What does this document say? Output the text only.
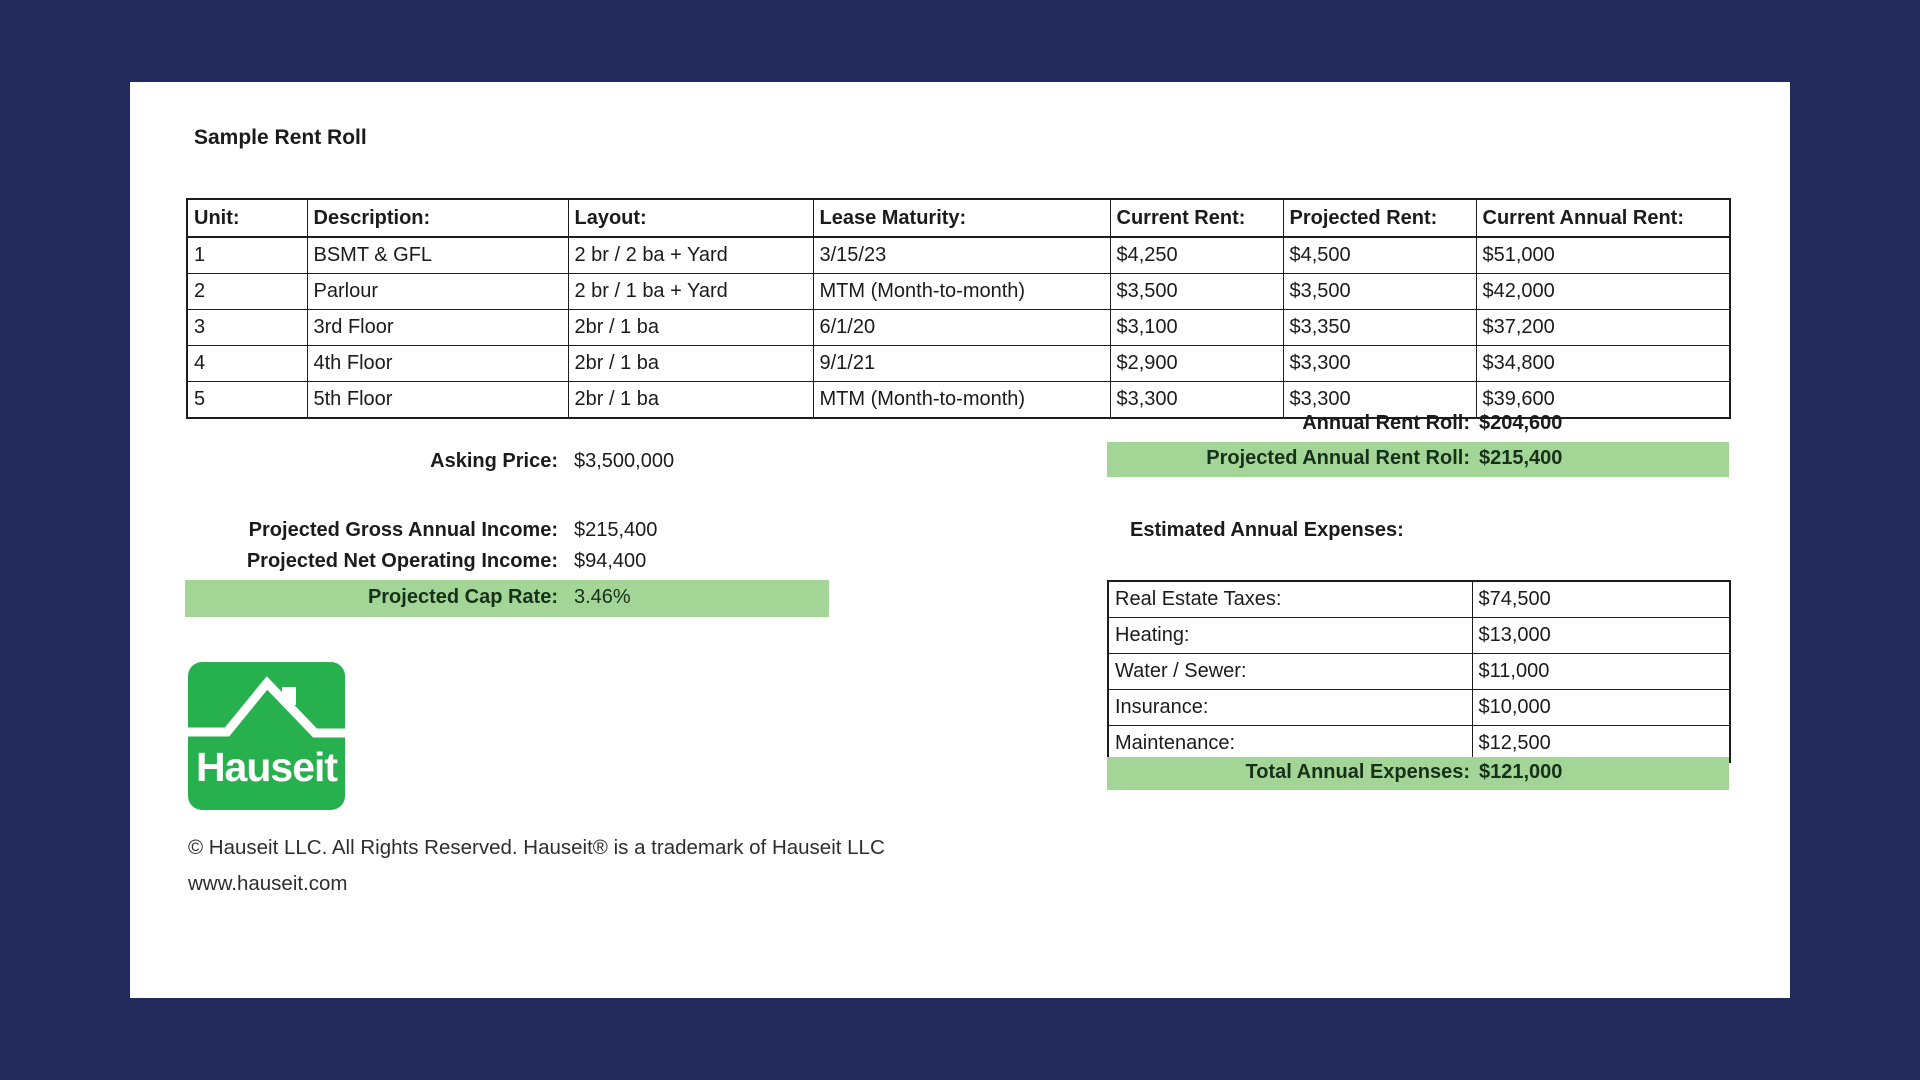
Sample Rent Roll
Unit:	Description:	Layout:	Lease Maturity:	Current Rent:	Projected Rent:	Current Annual Rent:
1	BSMT & GFL	2 br / 2 ba + Yard	3/15/23	$4,250	$4,500	$51,000
2	Parlour	2 br / 1 ba + Yard	MTM (Month-to-month)	$3,500	$3,500	$42,000
3	3rd Floor	2br / 1 ba	6/1/20	$3,100	$3,350	$37,200
4	4th Floor	2br / 1 ba	9/1/21	$2,900	$3,300	$34,800
5	5th Floor	2br / 1 ba	MTM (Month-to-month)	$3,300	$3,300	$39,600
Annual Rent Roll: $204,600
Projected Annual Rent Roll: $215,400
Asking Price: $3,500,000
Projected Gross Annual Income: $215,400
Projected Net Operating Income: $94,400
Projected Cap Rate: 3.46%
Estimated Annual Expenses:
Real Estate Taxes:	$74,500
Heating:	$13,000
Water / Sewer:	$11,000
Insurance:	$10,000
Maintenance:	$12,500
Total Annual Expenses: $121,000
Hauseit
© Hauseit LLC. All Rights Reserved. Hauseit® is a trademark of Hauseit LLC
www.hauseit.com
